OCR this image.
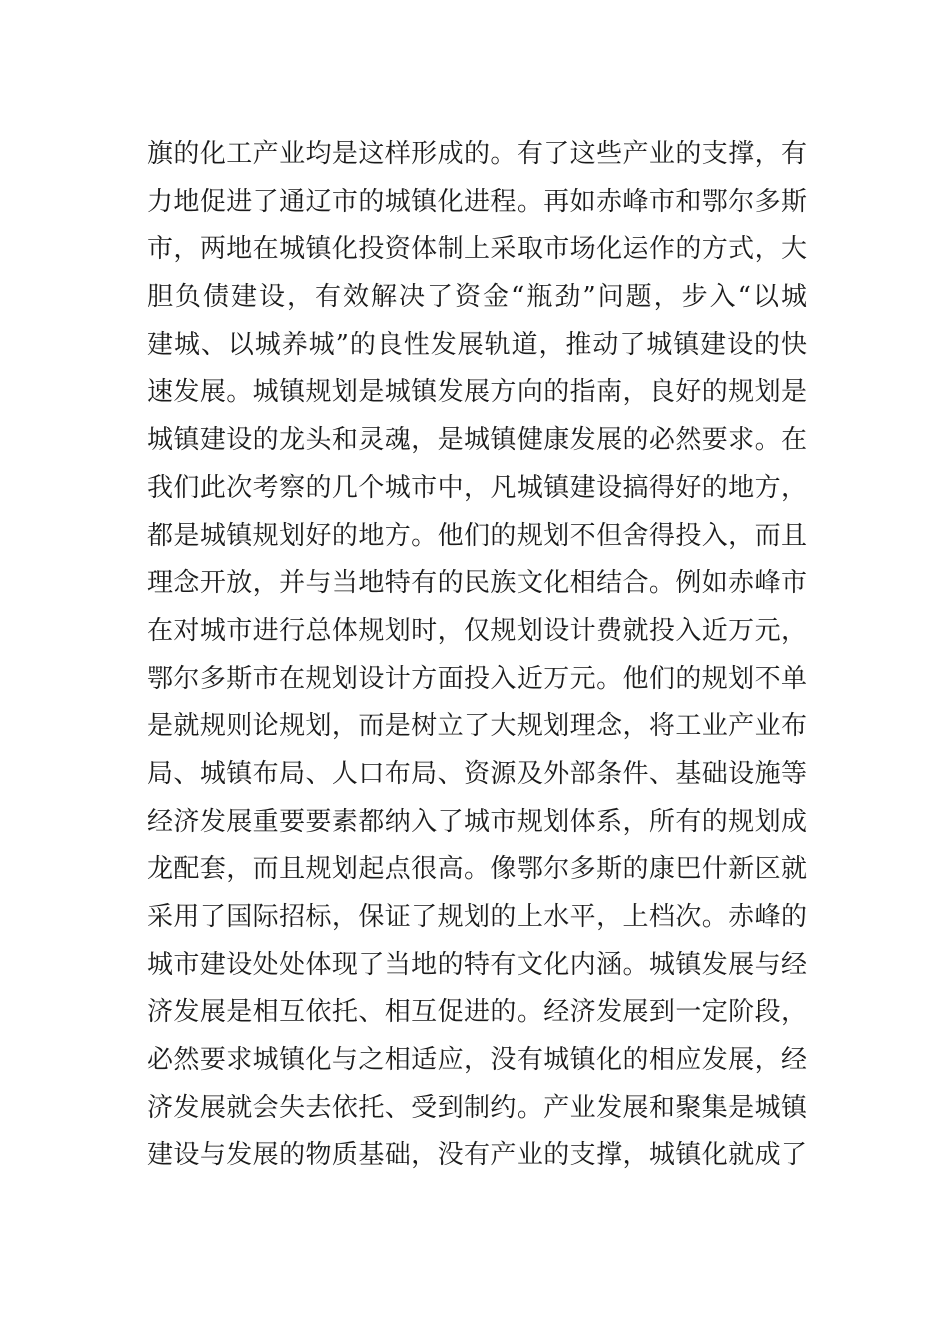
旗的化工产业均是这样形成的。有了这些产业的支撑，有
力地促进了通辽市的城镇化进程。再如赤峰市和鄂尔多斯
市，两地在城镇化投资体制上采取市场化运作的方式，大
胆负债建设，有效解决了资金“瓶劲”问题，步入“以城
建城、以城养城”的良性发展轨道，推动了城镇建设的快
速发展。城镇规划是城镇发展方向的指南，良好的规划是
城镇建设的龙头和灵魂，是城镇健康发展的必然要求。在
我们此次考察的几个城市中，凡城镇建设搞得好的地方，
都是城镇规划好的地方。他们的规划不但舍得投入，而且
理念开放，并与当地特有的民族文化相结合。例如赤峰市
在对城市进行总体规划时，仅规划设计费就投入近万元，
鄂尔多斯市在规划设计方面投入近万元。他们的规划不单
是就规则论规划，而是树立了大规划理念，将工业产业布
局、城镇布局、人口布局、资源及外部条件、基础设施等
经济发展重要要素都纳入了城市规划体系，所有的规划成
龙配套，而且规划起点很高。像鄂尔多斯的康巴什新区就
采用了国际招标，保证了规划的上水平，上档次。赤峰的
城市建设处处体现了当地的特有文化内涵。城镇发展与经
济发展是相互依托、相互促进的。经济发展到一定阶段，
必然要求城镇化与之相适应，没有城镇化的相应发展，经
济发展就会失去依托、受到制约。产业发展和聚集是城镇
建设与发展的物质基础，没有产业的支撑，城镇化就成了
